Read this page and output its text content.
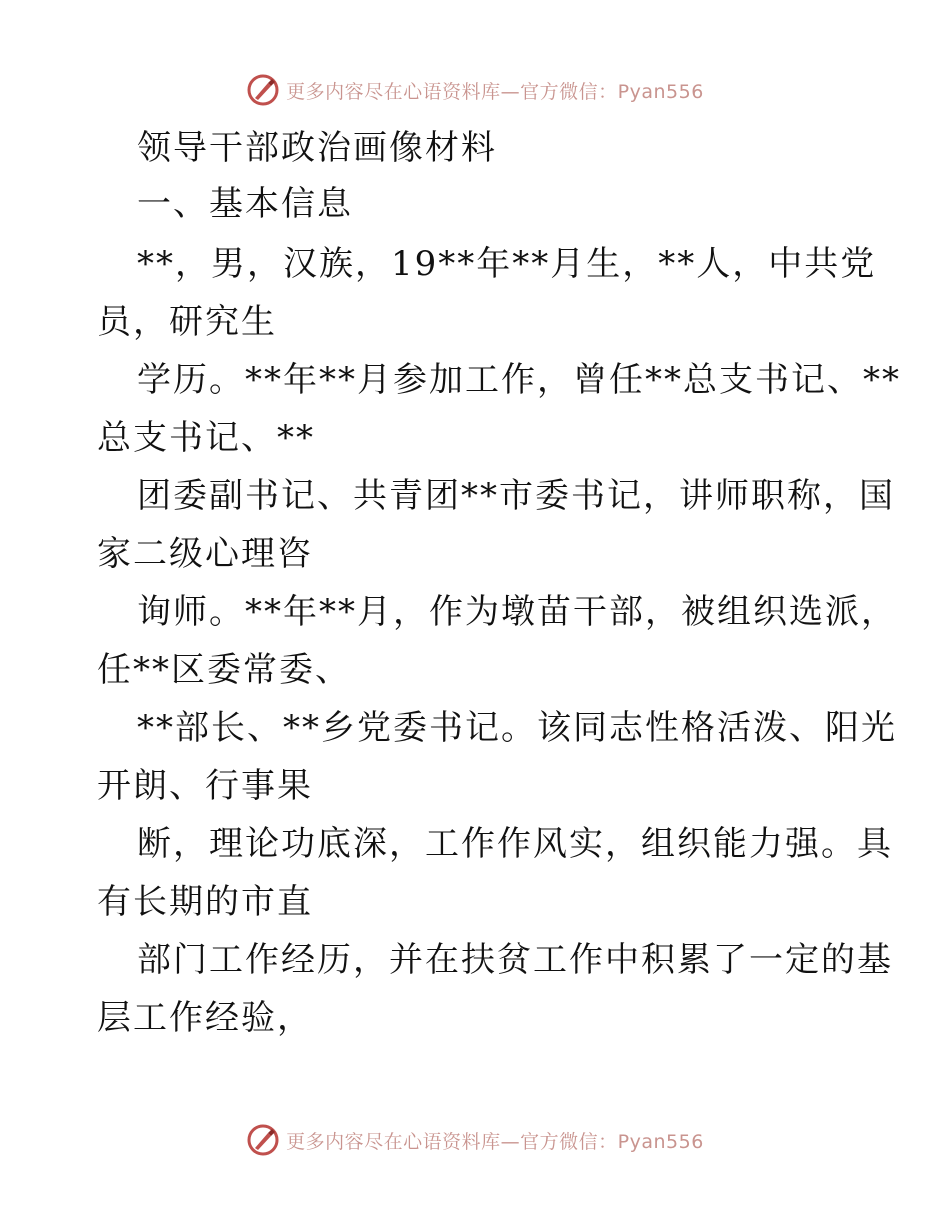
更多内容尽在心语资料库—官方微信：Pyan556
领导干部政治画像材料
一、基本信息
**，男，汉族，19**年**月生，**人，中共党
员，研究生
学历。**年**月参加工作，曾任**总支书记、**
总支书记、**
团委副书记、共青团**市委书记，讲师职称，国
家二级心理咨
询师。**年**月，作为墩苗干部，被组织选派，
任**区委常委、
**部长、**乡党委书记。该同志性格活泼、阳光
开朗、行事果
断，理论功底深，工作作风实，组织能力强。具
有长期的市直
部门工作经历，并在扶贫工作中积累了一定的基
层工作经验，
更多内容尽在心语资料库—官方微信：Pyan556
